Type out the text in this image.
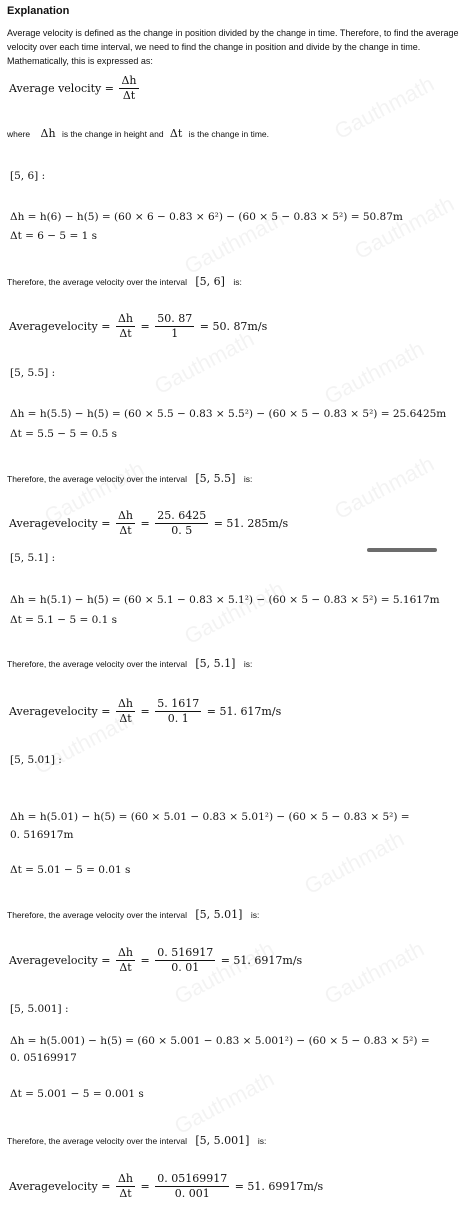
Explanation
Average velocity is defined as the change in position divided by the change in time. Therefore, to find the average velocity over each time interval, we need to find the change in position and divide by the change in time. Mathematically, this is expressed as:
Average velocity = $\frac{\Delta h}{\Delta t}$
where Δh is the change in height and Δt is the change in time.
[5, 6] :
Δh = h(6) − h(5) = (60 × 6 − 0.83 × 6²) − (60 × 5 − 0.83 × 5²) = 50.87m
Δt = 6 − 5 = 1 s
Therefore, the average velocity over the interval [5, 6] is:
Averagevelocity = $\frac{\Delta h}{\Delta t} = \frac{50. 87}{1} = 50$. 87m/s
[5, 5.5] :
Δh = h(5.5) − h(5) = (60 × 5.5 − 0.83 × 5.5²) − (60 × 5 − 0.83 × 5²) = 25.6425m
Δt = 5.5 − 5 = 0.5 s
Therefore, the average velocity over the interval [5, 5.5] is:
Averagevelocity = $\frac{\Delta h}{\Delta t} = \frac{25. 6425}{0. 5} = 51$. 285m/s
[5, 5.1] :
Δh = h(5.1) − h(5) = (60 × 5.1 − 0.83 × 5.1²) − (60 × 5 − 0.83 × 5²) = 5.1617m
Δt = 5.1 − 5 = 0.1 s
Therefore, the average velocity over the interval [5, 5.1] is:
Averagevelocity = $\frac{\Delta h}{\Delta t} = \frac{5. 1617}{0. 1} = 51$. 617m/s
[5, 5.01] :
Δh = h(5.01) − h(5) = (60 × 5.01 − 0.83 × 5.01²) − (60 × 5 − 0.83 × 5²) =
0. 516917m
Δt = 5.01 − 5 = 0.01 s
Therefore, the average velocity over the interval [5, 5.01] is:
Averagevelocity = $\frac{\Delta h}{\Delta t} = \frac{0. 516917}{0. 01} = 51$. 6917m/s
[5, 5.001] :
Δh = h(5.001) − h(5) = (60 × 5.001 − 0.83 × 5.001²) − (60 × 5 − 0.83 × 5²) =
0. 05169917
Δt = 5.001 − 5 = 0.001 s
Therefore, the average velocity over the interval [5, 5.001] is:
Averagevelocity = $\frac{\Delta h}{\Delta t} = \frac{0. 05169917}{0. 001} = 51$. 69917m/s
